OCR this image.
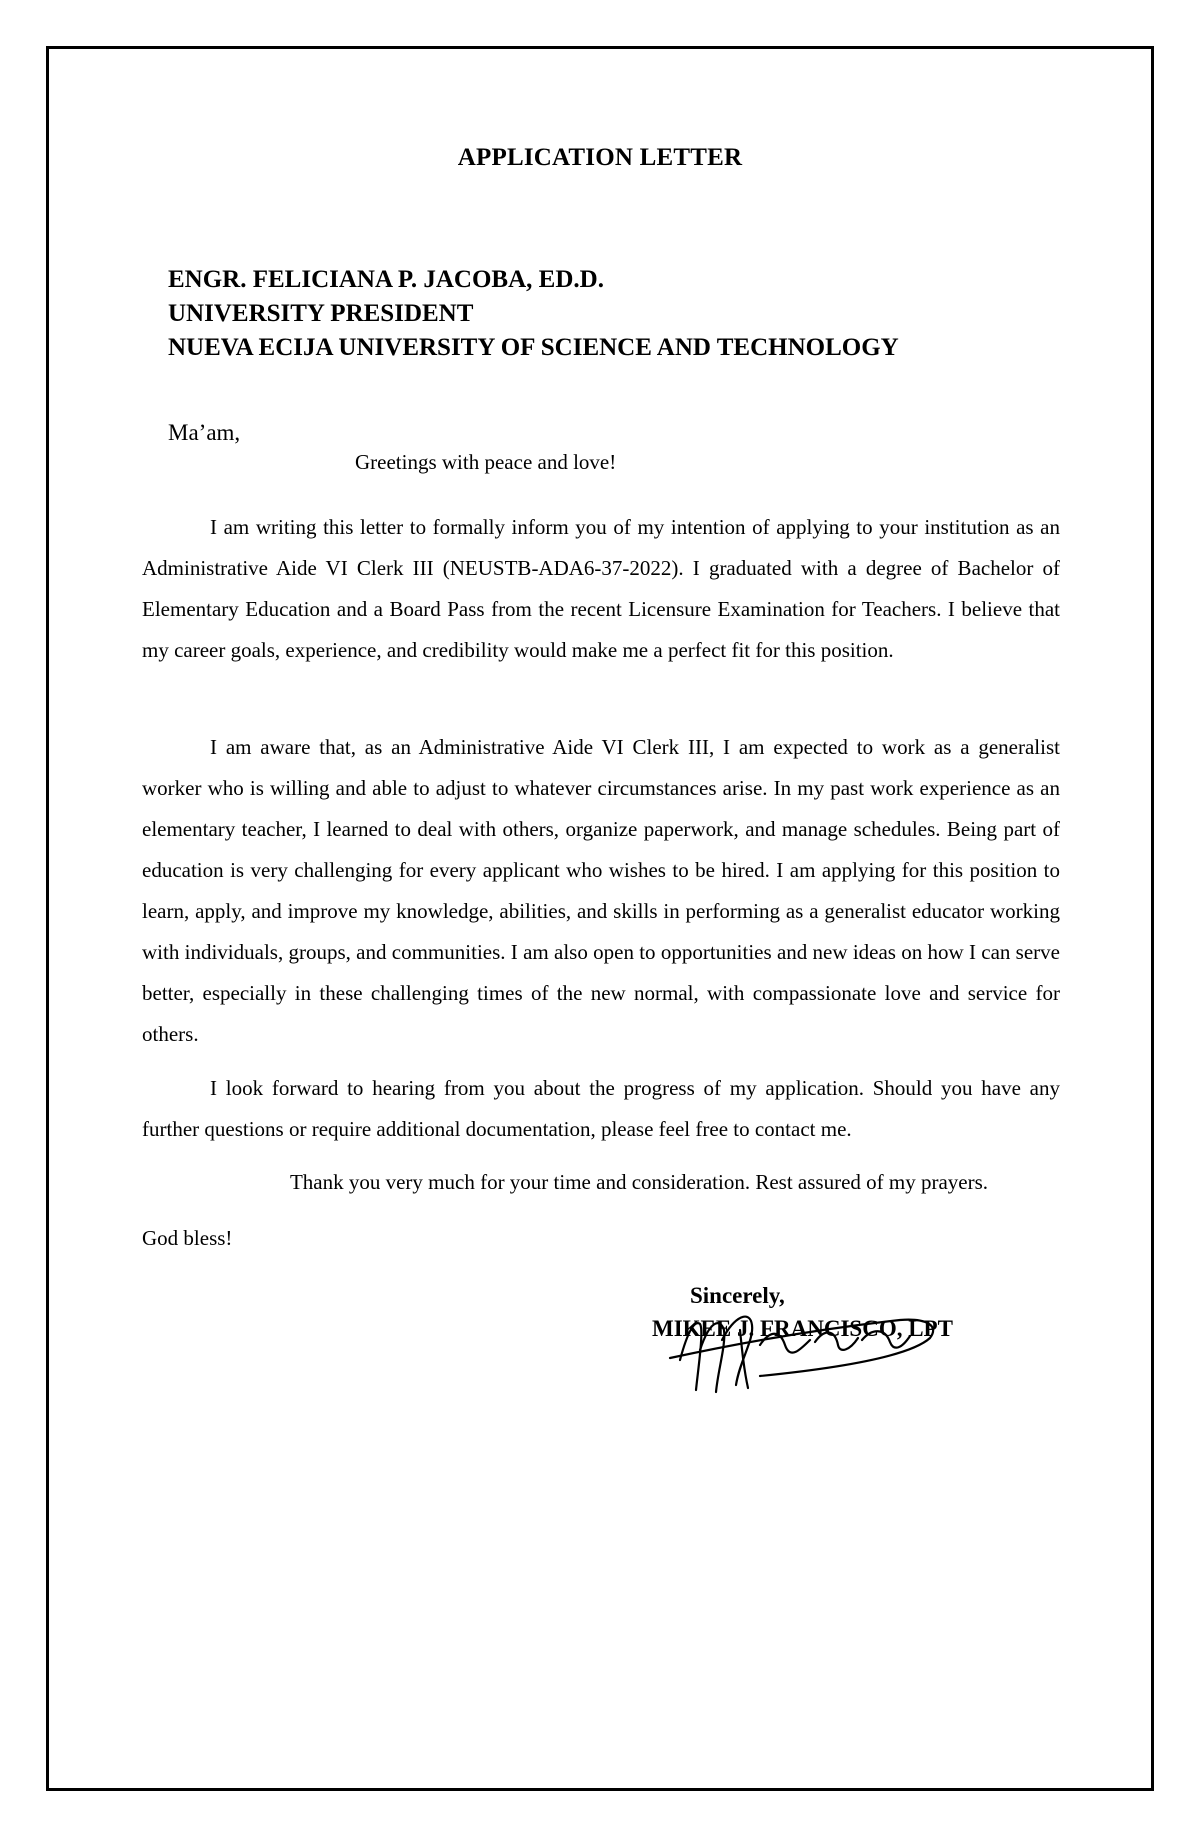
APPLICATION LETTER
ENGR. FELICIANA P. JACOBA, ED.D.
UNIVERSITY PRESIDENT
NUEVA ECIJA UNIVERSITY OF SCIENCE AND TECHNOLOGY
Ma’am,
Greetings with peace and love!

I am writing this letter to formally inform you of my intention of applying to your institution as an Administrative Aide VI Clerk III (NEUSTB-ADA6-37-2022). I graduated with a degree of Bachelor of Elementary Education and a Board Pass from the recent Licensure Examination for Teachers. I believe that my career goals, experience, and credibility would make me a perfect fit for this position.

I am aware that, as an Administrative Aide VI Clerk III, I am expected to work as a generalist worker who is willing and able to adjust to whatever circumstances arise. In my past work experience as an elementary teacher, I learned to deal with others, organize paperwork, and manage schedules. Being part of education is very challenging for every applicant who wishes to be hired. I am applying for this position to learn, apply, and improve my knowledge, abilities, and skills in performing as a generalist educator working with individuals, groups, and communities. I am also open to opportunities and new ideas on how I can serve better, especially in these challenging times of the new normal, with compassionate love and service for others.

I look forward to hearing from you about the progress of my application. Should you have any further questions or require additional documentation, please feel free to contact me.

Thank you very much for your time and consideration. Rest assured of my prayers.
God bless!
Sincerely,
MIKEE J. FRANCISCO, LPT
